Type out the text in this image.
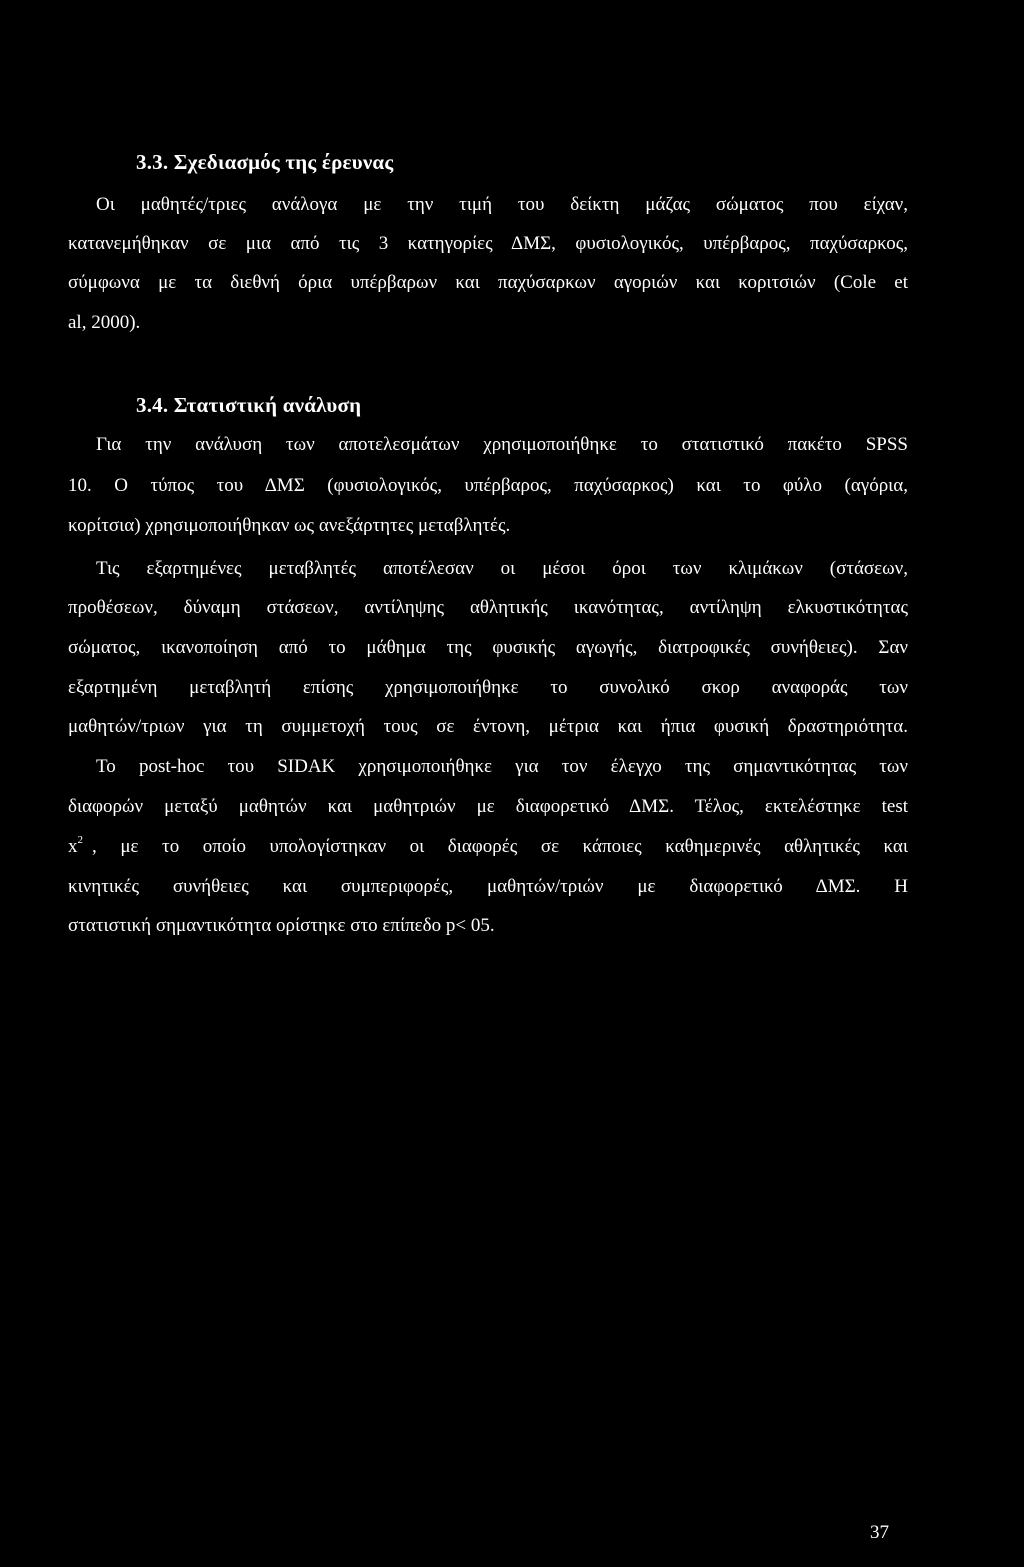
3.3. Σχεδιασμός της έρευνας
Οι μαθητές/τριες ανάλογα με την τιμή του δείκτη μάζας σώματος που είχαν,
κατανεμήθηκαν σε μια από τις 3 κατηγορίες ΔΜΣ, φυσιολογικός, υπέρβαρος, παχύσαρκος,
σύμφωνα με τα διεθνή όρια υπέρβαρων και παχύσαρκων αγοριών και κοριτσιών (Cole et
al, 2000).
3.4. Στατιστική ανάλυση
Για την ανάλυση των αποτελεσμάτων χρησιμοποιήθηκε το στατιστικό πακέτο SPSS
10. Ο τύπος του ΔΜΣ (φυσιολογικός, υπέρβαρος, παχύσαρκος) και το φύλο (αγόρια,
κορίτσια) χρησιμοποιήθηκαν ως ανεξάρτητες μεταβλητές.
Τις εξαρτημένες μεταβλητές αποτέλεσαν οι μέσοι όροι των κλιμάκων (στάσεων,
προθέσεων, δύναμη στάσεων, αντίληψης αθλητικής ικανότητας, αντίληψη ελκυστικότητας
σώματος, ικανοποίηση από το μάθημα της φυσικής αγωγής, διατροφικές συνήθειες). Σαν
εξαρτημένη μεταβλητή επίσης χρησιμοποιήθηκε το συνολικό σκορ αναφοράς των
μαθητών/τριων για τη συμμετοχή τους σε έντονη, μέτρια και ήπια φυσική δραστηριότητα.
Το post-hoc του SIDAK χρησιμοποιήθηκε για τον έλεγχο της σημαντικότητας των
διαφορών μεταξύ μαθητών και μαθητριών με διαφορετικό ΔΜΣ. Τέλος, εκτελέστηκε test
$x^2$ , με το οποίο υπολογίστηκαν οι διαφορές σε κάποιες καθημερινές αθλητικές και
κινητικές συνήθειες και συμπεριφορές, μαθητών/τριών με διαφορετικό ΔΜΣ. Η
στατιστική σημαντικότητα ορίστηκε στο επίπεδο p< 05.
37
